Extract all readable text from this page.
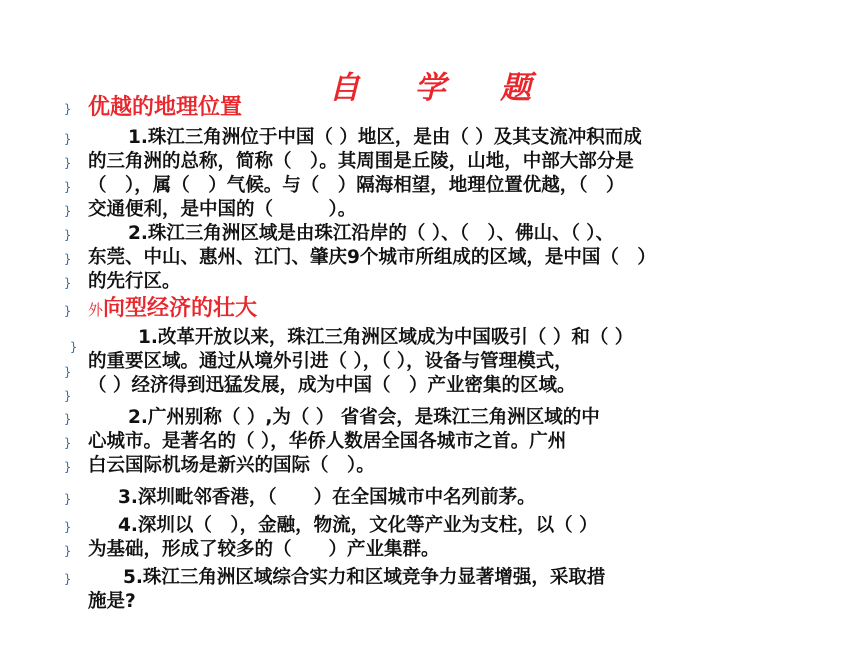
自 学 题
优越的地理位置
1.珠江三角洲位于中国（ ）地区，是由（ ）及其支流冲积而成
的三角洲的总称，简称（　）。其周围是丘陵，山地，中部大部分是
（　），属（　）气候。与（　）隔海相望，地理位置优越，（　）
交通便利，是中国的（　　　）。
2.珠江三角洲区域是由珠江沿岸的（ ）、（　）、佛山、（ ）、
东莞、中山、惠州、江门、肇庆9个城市所组成的区域，是中国（　）
的先行区。
外向型经济的壮大
1.改革开放以来，珠江三角洲区域成为中国吸引（ ）和（ ）
的重要区域。通过从境外引进（ ），（ ），设备与管理模式，
（ ）经济得到迅猛发展，成为中国（　）产业密集的区域。
2.广州别称（ ）,为（ ） 省省会，是珠江三角洲区域的中
心城市。是著名的（ ），华侨人数居全国各城市之首。广州
白云国际机场是新兴的国际（　）。
3.深圳毗邻香港，（　　）在全国城市中名列前茅。
4.深圳以（　），金融，物流，文化等产业为支柱，以（ ）
为基础，形成了较多的（　　）产业集群。
5.珠江三角洲区域综合实力和区域竞争力显著增强，采取措
施是?
}
}
}
}
}
}
}
}
}
}
}
}
}
}
}
}
}
}
}
